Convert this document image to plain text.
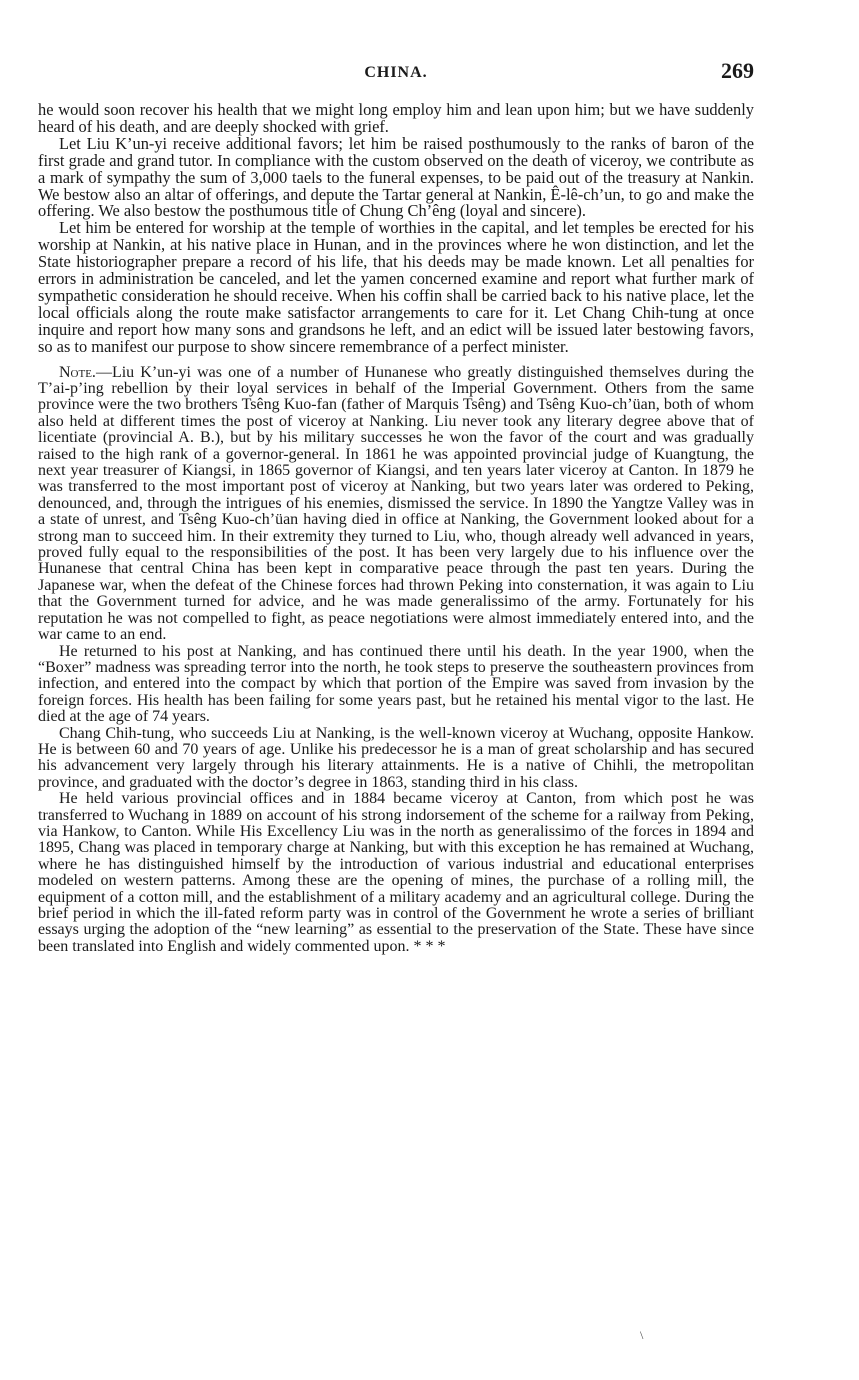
CHINA.	269

he would soon recover his health that we might long employ him and lean upon him; but we have suddenly heard of his death, and are deeply shocked with grief.

Let Liu K’un-yi receive additional favors; let him be raised posthumously to the ranks of baron of the first grade and grand tutor. In compliance with the custom observed on the death of viceroy, we contribute as a mark of sympathy the sum of 3,000 taels to the funeral expenses, to be paid out of the treasury at Nankin. We bestow also an altar of offerings, and depute the Tartar general at Nankin, Ê-lê-ch’un, to go and make the offering. We also bestow the posthumous title of Chung Ch’êng (loyal and sincere).

Let him be entered for worship at the temple of worthies in the capital, and let temples be erected for his worship at Nankin, at his native place in Hunan, and in the provinces where he won distinction, and let the State historiographer prepare a record of his life, that his deeds may be made known. Let all penalties for errors in administration be canceled, and let the yamen concerned examine and report what further mark of sympathetic consideration he should receive. When his coffin shall be carried back to his native place, let the local officials along the route make satisfactor arrangements to care for it. Let Chang Chih-tung at once inquire and report how many sons and grandsons he left, and an edict will be issued later bestowing favors, so as to manifest our purpose to show sincere remembrance of a perfect minister.

Note.—Liu K’un-yi was one of a number of Hunanese who greatly distinguished themselves during the T’ai-p’ing rebellion by their loyal services in behalf of the Imperial Government. Others from the same province were the two brothers Tsêng Kuo-fan (father of Marquis Tsêng) and Tsêng Kuo-ch’üan, both of whom also held at different times the post of viceroy at Nanking. Liu never took any literary degree above that of licentiate (provincial A. B.), but by his military successes he won the favor of the court and was gradually raised to the high rank of a governor-general. In 1861 he was appointed provincial judge of Kuangtung, the next year treasurer of Kiangsi, in 1865 governor of Kiangsi, and ten years later viceroy at Canton. In 1879 he was transferred to the most important post of viceroy at Nanking, but two years later was ordered to Peking, denounced, and, through the intrigues of his enemies, dismissed the service. In 1890 the Yangtze Valley was in a state of unrest, and Tsêng Kuo-ch’üan having died in office at Nanking, the Government looked about for a strong man to succeed him. In their extremity they turned to Liu, who, though already well advanced in years, proved fully equal to the responsibilities of the post. It has been very largely due to his influence over the Hunanese that central China has been kept in comparative peace through the past ten years. During the Japanese war, when the defeat of the Chinese forces had thrown Peking into consternation, it was again to Liu that the Government turned for advice, and he was made generalissimo of the army. Fortunately for his reputation he was not compelled to fight, as peace negotiations were almost immediately entered into, and the war came to an end.

He returned to his post at Nanking, and has continued there until his death. In the year 1900, when the “Boxer” madness was spreading terror into the north, he took steps to preserve the southeastern provinces from infection, and entered into the compact by which that portion of the Empire was saved from invasion by the foreign forces. His health has been failing for some years past, but he retained his mental vigor to the last. He died at the age of 74 years.

Chang Chih-tung, who succeeds Liu at Nanking, is the well-known viceroy at Wuchang, opposite Hankow. He is between 60 and 70 years of age. Unlike his predecessor he is a man of great scholarship and has secured his advancement very largely through his literary attainments. He is a native of Chihli, the metropolitan province, and graduated with the doctor’s degree in 1863, standing third in his class.

He held various provincial offices and in 1884 became viceroy at Canton, from which post he was transferred to Wuchang in 1889 on account of his strong indorsement of the scheme for a railway from Peking, via Hankow, to Canton. While His Excellency Liu was in the north as generalissimo of the forces in 1894 and 1895, Chang was placed in temporary charge at Nanking, but with this exception he has remained at Wuchang, where he has distinguished himself by the introduction of various industrial and educational enterprises modeled on western patterns. Among these are the opening of mines, the purchase of a rolling mill, the equipment of a cotton mill, and the establishment of a military academy and an agricultural college. During the brief period in which the ill-fated reform party was in control of the Government he wrote a series of brilliant essays urging the adoption of the “new learning” as essential to the preservation of the State. These have since been translated into English and widely commented upon. * * *

\
